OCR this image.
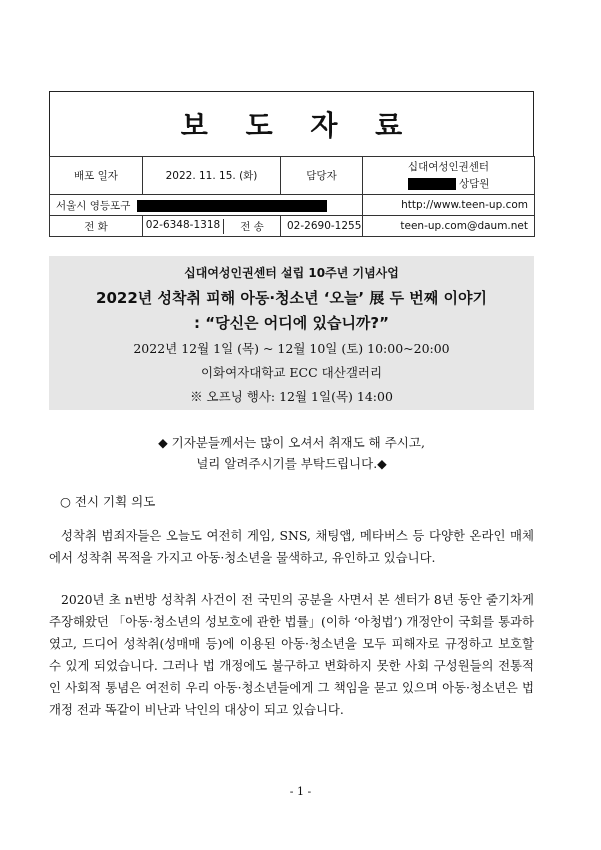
보 도 자 료
배포 일자	2022. 11. 15. (화)	담당자	십대여성인권센터
상담원

서울시 영등포구			http://www.teen-up.com
전 화	02-6348-1318 전 송	02-2690-1255	teen-up.com@daum.net
십대여성인권센터 설립 10주년 기념사업
2022년 성착취 피해 아동·청소년 ‘오늘’ 展 두 번째 이야기
: “당신은 어디에 있습니까?”
2022년 12월 1일 (목) ~ 12월 10일 (토) 10:00~20:00
이화여자대학교 ECC 대산갤러리
※ 오프닝 행사: 12월 1일(목) 14:00
◆ 기자분들께서는 많이 오셔서 취재도 해 주시고,
널리 알려주시기를 부탁드립니다.◆
○ 전시 기획 의도
성착취 범죄자들은 오늘도 여전히 게임, SNS, 채팅앱, 메타버스 등 다양한 온라인 매체에서 성착취 목적을 가지고 아동·청소년을 물색하고, 유인하고 있습니다.
2020년 초 n번방 성착취 사건이 전 국민의 공분을 사면서 본 센터가 8년 동안 줄기차게 주장해왔던 「아동·청소년의 성보호에 관한 법률」(이하 ‘아청법’) 개정안이 국회를 통과하였고, 드디어 성착취(성매매 등)에 이용된 아동·청소년을 모두 피해자로 규정하고 보호할 수 있게 되었습니다. 그러나 법 개정에도 불구하고 변화하지 못한 사회 구성원들의 전통적인 사회적 통념은 여전히 우리 아동·청소년들에게 그 책임을 묻고 있으며 아동·청소년은 법 개정 전과 똑같이 비난과 낙인의 대상이 되고 있습니다.
- 1 -
